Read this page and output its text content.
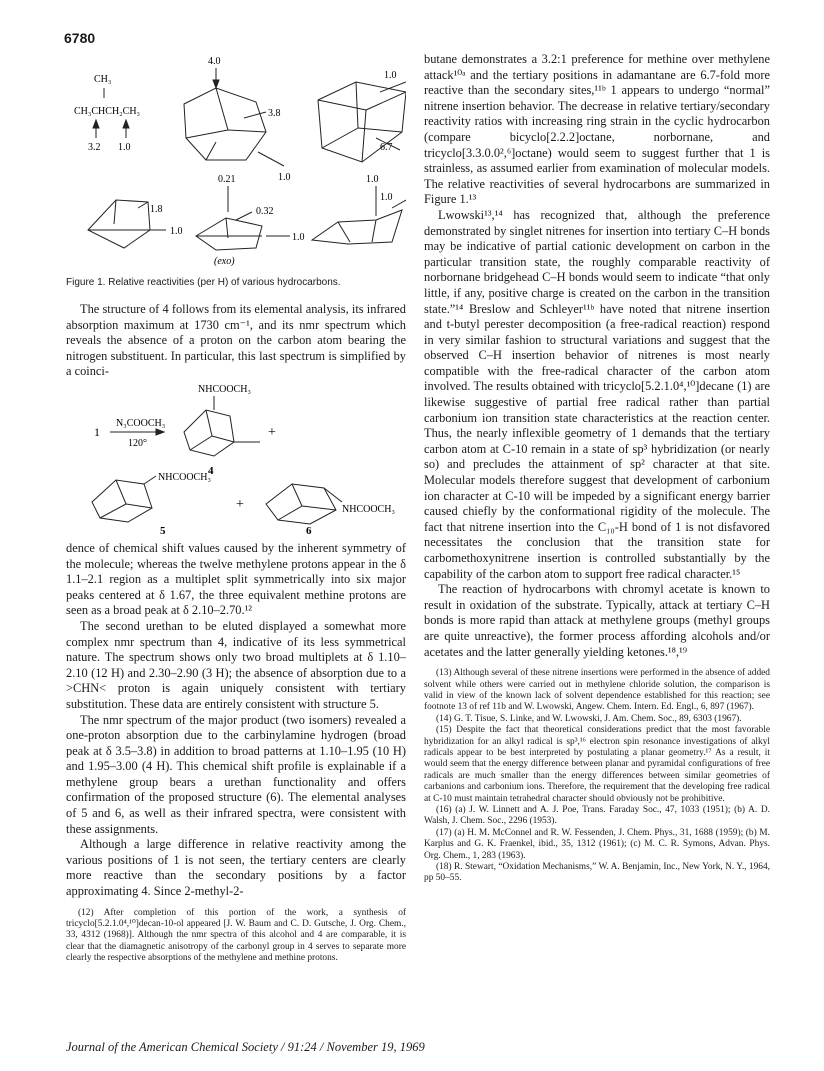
6780
CH₃
CH₃CHCH₂CH₃
3.2 1.0
4.0
3.8
1.0
1.0
6.7
0.21	1.0
1.8
1.0
0.32
1.0
1.0
(exo)
Figure 1. Relative reactivities (per H) of various hydrocarbons.

The structure of 4 follows from its elemental analysis, its infrared absorption maximum at 1730 cm⁻¹, and its nmr spectrum which reveals the absence of a proton on the carbon atom bearing the nitrogen substituent. In particular, this last spectrum is simplified by a coinci-

NHCOOCH₃
1
N₃COOCH₃
120°
+
4
NHCOOCH₃
+	NHCOOCH₃
5	6

dence of chemical shift values caused by the inherent symmetry of the molecule; whereas the twelve methylene protons appear in the δ 1.1–2.1 region as a multiplet split symmetrically into six major peaks centered at δ 1.67, the three equivalent methine protons are seen as a broad peak at δ 2.10–2.70.¹²

The second urethan to be eluted displayed a somewhat more complex nmr spectrum than 4, indicative of its less symmetrical nature. The spectrum shows only two broad multiplets at δ 1.10–2.10 (12 H) and 2.30–2.90 (3 H); the absence of absorption due to a >CHN< proton is again uniquely consistent with tertiary substitution. These data are entirely consistent with structure 5.

The nmr spectrum of the major product (two isomers) revealed a one-proton absorption due to the carbinylamine hydrogen (broad peak at δ 3.5–3.8) in addition to broad patterns at 1.10–1.95 (10 H) and 1.95–3.00 (4 H). This chemical shift profile is explainable if a methylene group bears a urethan functionality and offers confirmation of the proposed structure (6). The elemental analyses of 5 and 6, as well as their infrared spectra, were consistent with these assignments.

Although a large difference in relative reactivity among the various positions of 1 is not seen, the tertiary centers are clearly more reactive than the secondary positions by a factor approximating 4. Since 2-methyl-2-

(12) After completion of this portion of the work, a synthesis of tricyclo[5.2.1.0⁴,¹⁰]decan-10-ol appeared [J. W. Baum and C. D. Gutsche, J. Org. Chem., 33, 4312 (1968)]. Although the nmr spectra of this alcohol and 4 are comparable, it is clear that the diamagnetic anisotropy of the carbonyl group in 4 serves to separate more clearly the respective absorptions of the methylene and methine protons.

butane demonstrates a 3.2:1 preference for methine over methylene attack¹⁰ᵃ and the tertiary positions in adamantane are 6.7-fold more reactive than the secondary sites,¹¹ᵇ 1 appears to undergo “normal” nitrene insertion behavior. The decrease in relative tertiary/secondary reactivity ratios with increasing ring strain in the cyclic hydrocarbon (compare bicyclo[2.2.2]octane, norbornane, and tricyclo[3.3.0.0²,⁶]octane) would seem to suggest further that 1 is strainless, as assumed earlier from examination of molecular models. The relative reactivities of several hydrocarbons are summarized in Figure 1.¹³

Lwowski¹³,¹⁴ has recognized that, although the preference demonstrated by singlet nitrenes for insertion into tertiary C–H bonds may be indicative of partial cationic development on carbon in the particular transition state, the roughly comparable reactivity of norbornane bridgehead C–H bonds would seem to indicate “that only little, if any, positive charge is created on the carbon in the transition state.”¹⁴ Breslow and Schleyer¹¹ᵇ have noted that nitrene insertion and t-butyl perester decomposition (a free-radical reaction) respond in very similar fashion to structural variations and suggest that the observed C–H insertion behavior of nitrenes is most nearly compatible with the free-radical character of the carbon atom involved. The results obtained with tricyclo[5.2.1.0⁴,¹⁰]decane (1) are likewise suggestive of partial free radical rather than partial carbonium ion transition state characteristics at the reaction center. Thus, the nearly inflexible geometry of 1 demands that the tertiary carbon atom at C-10 remain in a state of sp³ hybridization (or nearly so) and precludes the attainment of sp² character at that site. Molecular models therefore suggest that development of carbonium ion character at C-10 will be impeded by a significant energy barrier caused chiefly by the conformational rigidity of the molecule. The fact that nitrene insertion into the C₁₀-H bond of 1 is not disfavored necessitates the conclusion that the transition state for carbomethoxynitrene insertion is controlled substantially by the capability of the carbon atom to support free radical character.¹⁵

The reaction of hydrocarbons with chromyl acetate is known to result in oxidation of the substrate. Typically, attack at tertiary C–H bonds is more rapid than attack at methylene groups (methyl groups are quite unreactive), the former process affording alcohols and/or acetates and the latter generally yielding ketones.¹⁸,¹⁹

(13) Although several of these nitrene insertions were performed in the absence of added solvent while others were carried out in methylene chloride solution, the comparison is valid in view of the known lack of solvent dependence established for this reaction; see footnote 13 of ref 11b and W. Lwowski, Angew. Chem. Intern. Ed. Engl., 6, 897 (1967).

(14) G. T. Tisue, S. Linke, and W. Lwowski, J. Am. Chem. Soc., 89, 6303 (1967).

(15) Despite the fact that theoretical considerations predict that the most favorable hybridization for an alkyl radical is sp³,¹⁶ electron spin resonance investigations of alkyl radicals appear to be best interpreted by postulating a planar geometry.¹⁷ As a result, it would seem that the energy difference between planar and pyramidal configurations of free radicals are much smaller than the energy differences between similar geometries of carbanions and carbonium ions. Therefore, the requirement that the developing free radical at C-10 must maintain tetrahedral character should obviously not be prohibitive.

(16) (a) J. W. Linnett and A. J. Poe, Trans. Faraday Soc., 47, 1033 (1951); (b) A. D. Walsh, J. Chem. Soc., 2296 (1953).

(17) (a) H. M. McConnel and R. W. Fessenden, J. Chem. Phys., 31, 1688 (1959); (b) M. Karplus and G. K. Fraenkel, ibid., 35, 1312 (1961); (c) M. C. R. Symons, Advan. Phys. Org. Chem., 1, 283 (1963).

(18) R. Stewart, “Oxidation Mechanisms,” W. A. Benjamin, Inc., New York, N. Y., 1964, pp 50–55.

Journal of the American Chemical Society / 91:24 / November 19, 1969
